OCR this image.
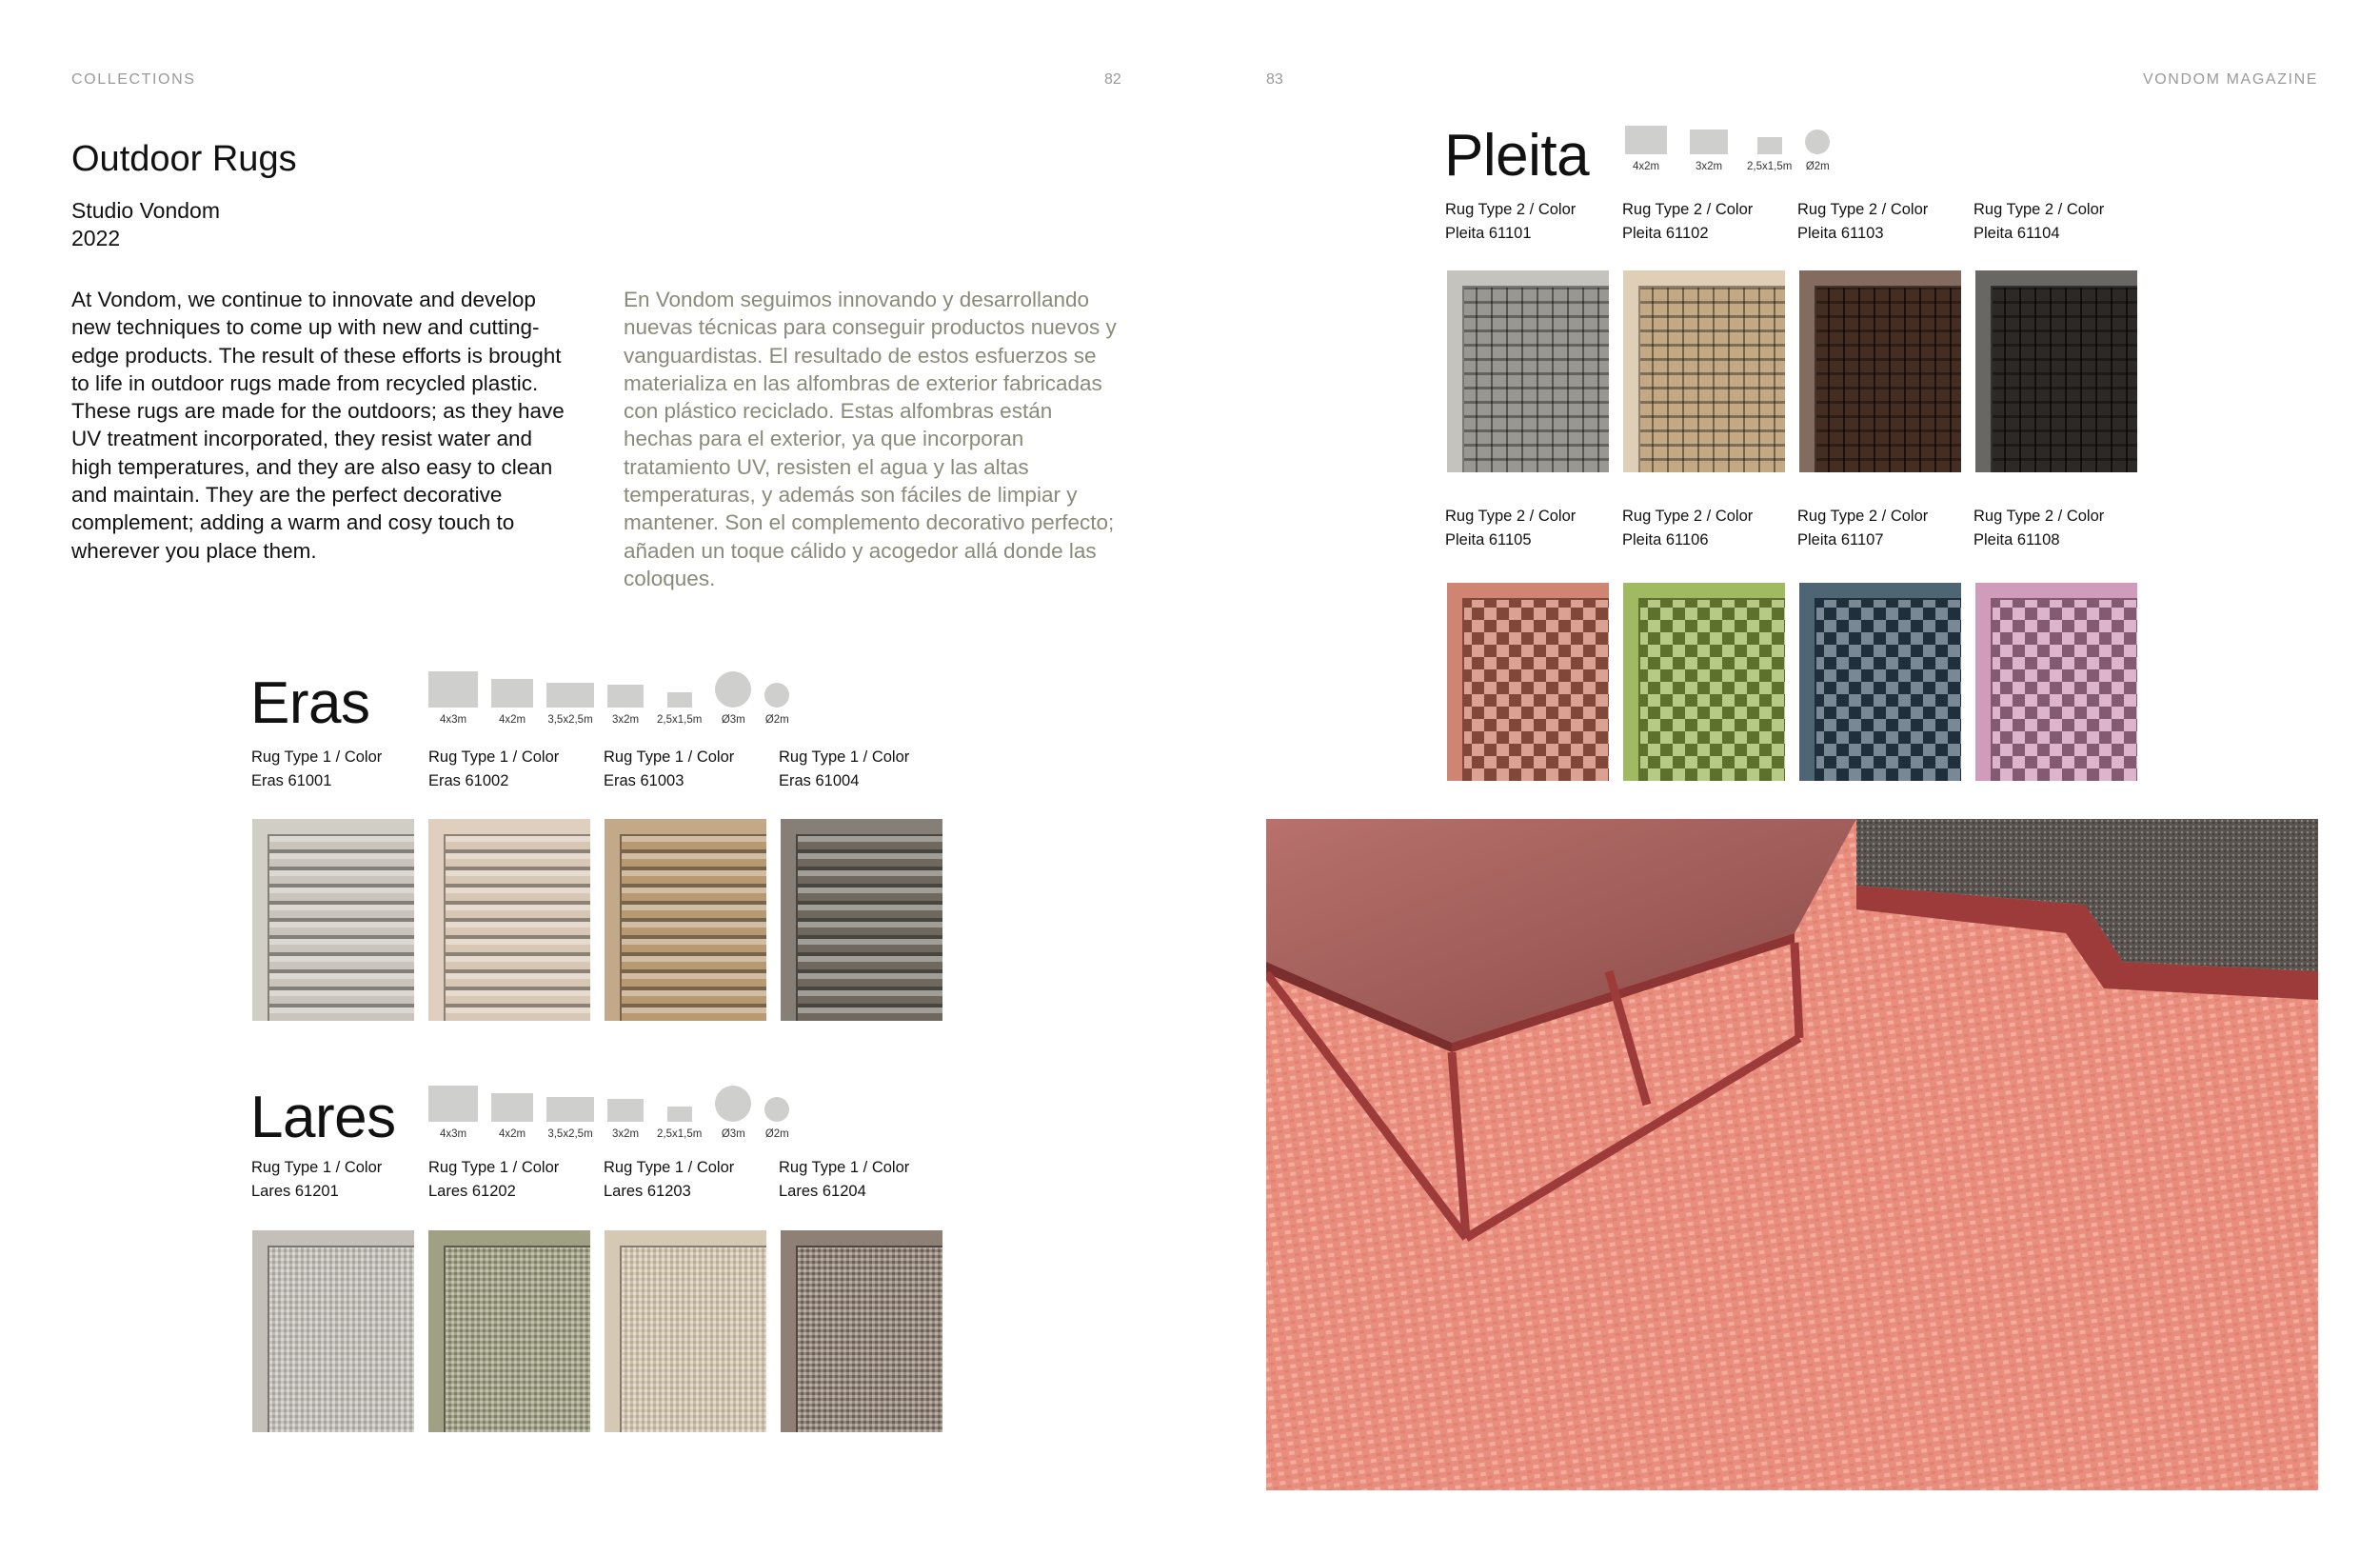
COLLECTIONS	82	83	VONDOM MAGAZINE
Outdoor Rugs
Studio Vondom
2022
At Vondom, we continue to innovate and develop new techniques to come up with new and cutting-edge products. The result of these efforts is brought to life in outdoor rugs made from recycled plastic. These rugs are made for the outdoors; as they have UV treatment incorporated, they resist water and high temperatures, and they are also easy to clean and maintain. They are the perfect decorative complement; adding a warm and cosy touch to wherever you place them.
En Vondom seguimos innovando y desarrollando nuevas técnicas para conseguir productos nuevos y vanguardistas. El resultado de estos esfuerzos se materializa en las alfombras de exterior fabricadas con plástico reciclado. Estas alfombras están hechas para el exterior, ya que incorporan tratamiento UV, resisten el agua y las altas temperaturas, y además son fáciles de limpiar y mantener. Son el complemento decorativo perfecto; añaden un toque cálido y acogedor allá donde las coloques.
Eras	4x3m	4x2m 3,5x2,5m 3x2m 2,5x1,5m Ø3m Ø2m
Rug Type 1 / Color
Eras 61001
Rug Type 1 / Color
Eras 61002
Rug Type 1 / Color
Eras 61003
Rug Type 1 / Color
Eras 61004
Lares	4x3m	4x2m 3,5x2,5m 3x2m 2,5x1,5m Ø3m Ø2m
Rug Type 1 / Color
Lares 61201
Rug Type 1 / Color
Lares 61202
Rug Type 1 / Color
Lares 61203
Rug Type 1 / Color
Lares 61204
Pleita	4x2m	3x2m 2,5x1,5m Ø2m
Rug Type 2 / Color
Pleita 61101
Rug Type 2 / Color
Pleita 61102
Rug Type 2 / Color
Pleita 61103
Rug Type 2 / Color
Pleita 61104
Rug Type 2 / Color
Pleita 61105
Rug Type 2 / Color
Pleita 61106
Rug Type 2 / Color
Pleita 61107
Rug Type 2 / Color
Pleita 61108
